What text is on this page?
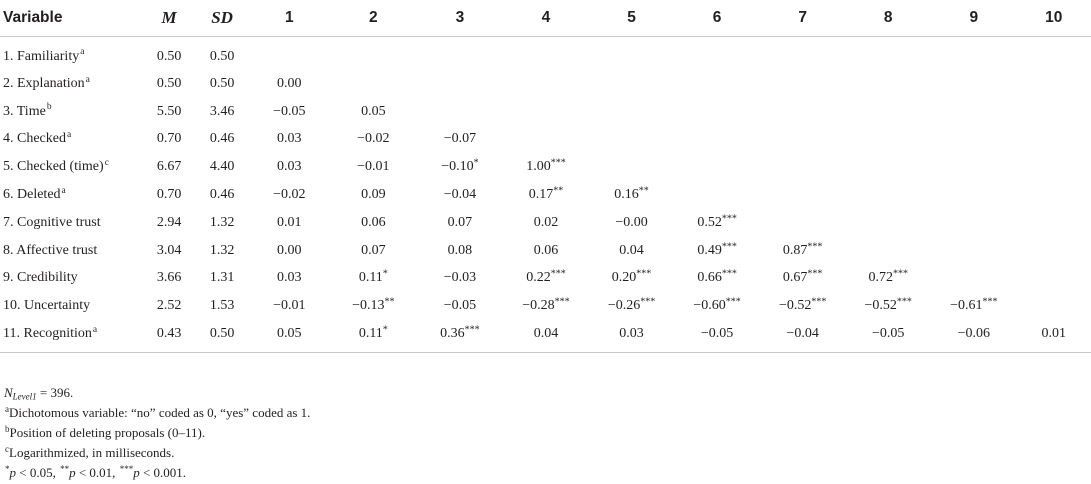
Variable	M	SD	1	2	3	4	5	6	7	8	9	10
1. Familiarity$^a$	0.50	0.50										
2. Explanation$^a$	0.50	0.50	0.00									
3. Time$^b$	5.50	3.46	−0.05	0.05								
4. Checked$^a$	0.70	0.46	0.03	−0.02	−0.07							
5. Checked (time)$^c$	6.67	4.40	0.03	−0.01	−0.10*	1.00***						
6. Deleted$^a$	0.70	0.46	−0.02	0.09	−0.04	0.17**	0.16**					
7. Cognitive trust	2.94	1.32	0.01	0.06	0.07	0.02	−0.00	0.52***				
8. Affective trust	3.04	1.32	0.00	0.07	0.08	0.06	0.04	0.49***	0.87***			
9. Credibility	3.66	1.31	0.03	0.11*	−0.03	0.22***	0.20***	0.66***	0.67***	0.72***		
10. Uncertainty	2.52	1.53	−0.01	−0.13**	−0.05	−0.28***	−0.26***	−0.60***	−0.52***	−0.52***	−0.61***	
11. Recognition$^a$	0.43	0.50	0.05	0.11*	0.36***	0.04	0.03	−0.05	−0.04	−0.05	−0.06	0.01
$N_{Level1} = 396$.
$^a$Dichotomous variable: “no” coded as 0, “yes” coded as 1.
$^b$Position of deleting proposals (0–11).
$^c$Logarithmized, in milliseconds.
*p < 0.05, **p < 0.01, ***p < 0.001.
